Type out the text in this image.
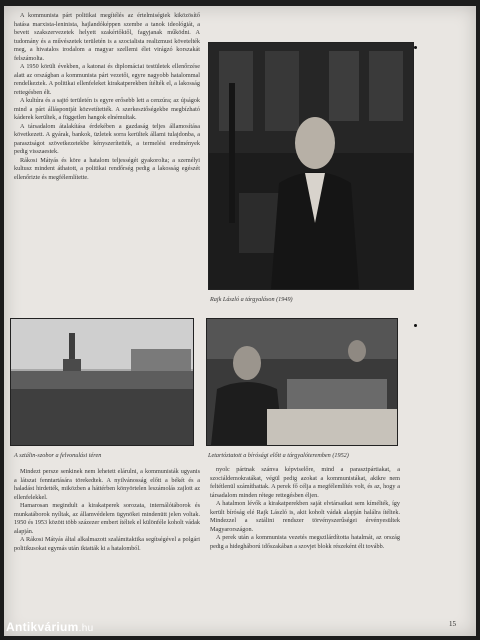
A kommunista párt politikai megítélés az értelmiségiek kiközösítő hatása marxista-leninista, hajlandóképpen szembe a tanok ideológiát, a bevett szakszervezetek helyett szakértőktől, fagyjanak működni. A tudomány és a művészetek területén is a szocialista realizmust követelték meg, a hivatalos irodalom a magyar szellemi élet virágzó korszakát felszámolta.

A 1950 körüli években, a katonai és diplomáciai testületek ellenőrzése alatt az országban a kommunista párt vezetői, egyre nagyobb hatalommal rendelkeztek. A politikai ellenfeleket kirakatperekben ítélték el, a lakosság rettegésben élt.

A kultúra és a sajtó területén is egyre erősebb lett a cenzúra; az újságok mind a párt álláspontját közvetítették. A szerkesztőségekbe megbízható káderek kerültek, a független hangok elnémultak.

A társadalom átalakítása érdekében a gazdaság teljes államosítása következett. A gyárak, bankok, üzletek sorra kerültek állami tulajdonba, a parasztságot szövetkezetekbe kényszerítették, a termelési eredmények pedig visszaestek.

Rákosi Mátyás és köre a hatalom teljességét gyakorolta; a személyi kultusz mindent áthatott, a politikai rendőrség pedig a lakosság egészét ellenőrizte és megfélemlítette.

Rajk László a tárgyaláson (1949)
A sztálin-szobor a felvonulási téren	Letartóztatott a bírósági előtt a tárgyalóteremben (1952)

Mindezt persze senkinek nem lehetett elárulni, a kommunisták ugyanis a látszat fenntartására törekedtek. A nyilvánosság előtt a békét és a haladást hirdették, miközben a háttérben könyörtelen leszámolás zajlott az ellenfelekkel.

Hamarosan megindult a kirakatperek sorozata, internálótáborok és munkatáborok nyíltak, az államvédelem ügynökei mindenütt jelen voltak. 1950 és 1953 között több százezer embert ítéltek el különféle koholt vádak alapján.

A Rákosi Mátyás által alkalmazott szalámitaktika segítségével a polgári politikusokat egymás után iktatták ki a hatalomból.

nyolc pártnak szánva képviselőre, mind a parasztpártiakat, a szociáldemokratákat, végül pedig azokat a kommunistákat, akikre nem feltétlenül számíthattak. A perek fő célja a megfélemlítés volt, és az, hogy a társadalom minden rétege rettegésben éljen.

A hatalmon lévők a kirakatperekben saját elvtársaikat sem kímélték, így került bíróság elé Rajk László is, akit koholt vádak alapján halálra ítéltek. Mindezzel a sztálini rendszer törvényszerűségei érvényesültek Magyarországon.

A perek után a kommunista vezetés megszilárdította hatalmát, az ország pedig a hidegháború időszakában a szovjet blokk részeként élt tovább.

15
Antikvárium.hu
